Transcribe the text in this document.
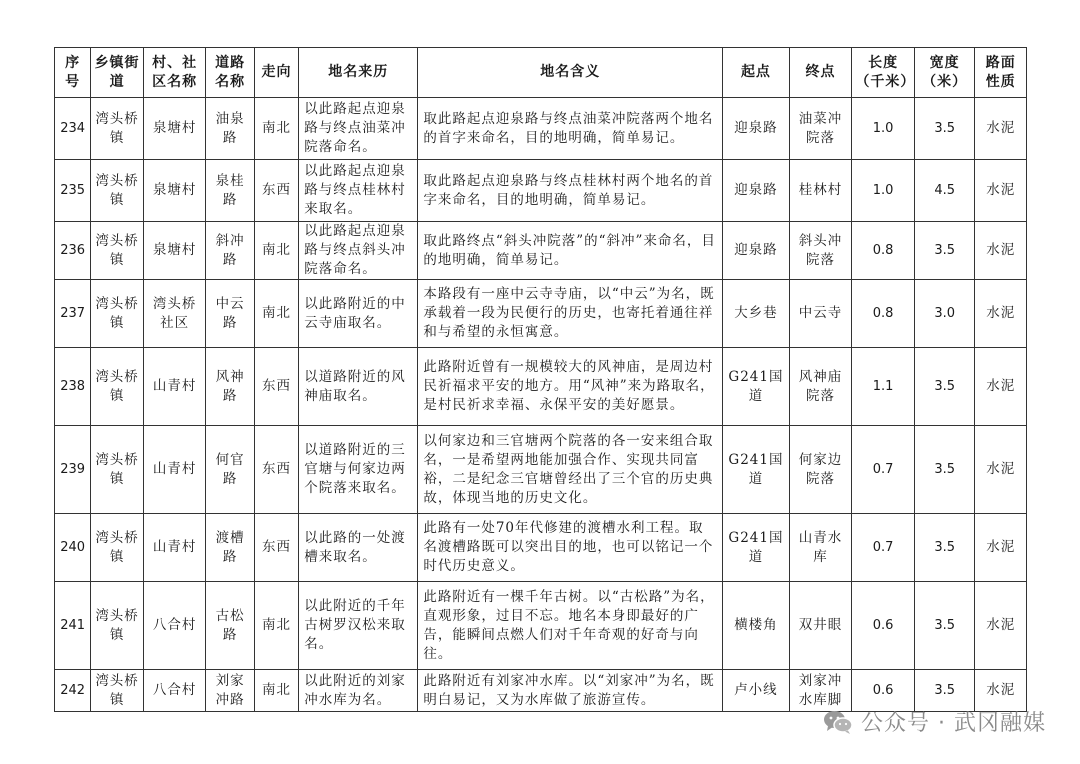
序号	乡镇街道	村、社区名称	道路名称	走向	地名来历	地名含义	起点	终点	长度（千米）	宽度（米）	路面性质
234	湾头桥镇	泉塘村	油泉路	南北	以此路起点迎泉路与终点油菜冲院落命名。	取此路起点迎泉路与终点油菜冲院落两个地名的首字来命名，目的地明确，简单易记。	迎泉路	油菜冲院落	1.0	3.5	水泥
235	湾头桥镇	泉塘村	泉桂路	东西	以此路起点迎泉路与终点桂林村来取名。	取此路起点迎泉路与终点桂林村两个地名的首字来命名，目的地明确，简单易记。	迎泉路	桂林村	1.0	4.5	水泥
236	湾头桥镇	泉塘村	斜冲路	南北	以此路起点迎泉路与终点斜头冲院落命名。	取此路终点“斜头冲院落”的“斜冲”来命名，目的地明确，简单易记。	迎泉路	斜头冲院落	0.8	3.5	水泥
237	湾头桥镇	湾头桥社区	中云路	南北	以此路附近的中云寺庙取名。	本路段有一座中云寺寺庙，以“中云”为名，既承载着一段为民便行的历史，也寄托着通往祥和与希望的永恒寓意。	大乡巷	中云寺	0.8	3.0	水泥
238	湾头桥镇	山青村	风神路	东西	以道路附近的风神庙取名。	此路附近曾有一规模较大的风神庙，是周边村民祈福求平安的地方。用“风神”来为路取名，是村民祈求幸福、永保平安的美好愿景。	G241国道	风神庙院落	1.1	3.5	水泥
239	湾头桥镇	山青村	何官路	东西	以道路附近的三官塘与何家边两个院落来取名。	以何家边和三官塘两个院落的各一安来组合取名，一是希望两地能加强合作、实现共同富裕，二是纪念三官塘曾经出了三个官的历史典故，体现当地的历史文化。	G241国道	何家边院落	0.7	3.5	水泥
240	湾头桥镇	山青村	渡槽路	东西	以此路的一处渡槽来取名。	此路有一处70年代修建的渡槽水利工程。取名渡槽路既可以突出目的地，也可以铭记一个时代历史意义。	G241国道	山青水库	0.7	3.5	水泥
241	湾头桥镇	八合村	古松路	南北	以此附近的千年古树罗汉松来取名。	此路附近有一棵千年古树。以“古松路”为名，直观形象，过目不忘。地名本身即最好的广告，能瞬间点燃人们对千年奇观的好奇与向往。	横楼角	双井眼	0.6	3.5	水泥
242	湾头桥镇	八合村	刘家冲路	南北	以此附近的刘家冲水库为名。	此路附近有刘家冲水库。以“刘家冲”为名，既明白易记，又为水库做了旅游宣传。	卢小线	刘家冲水库脚	0.6	3.5	水泥
公众号 · 武冈融媒
